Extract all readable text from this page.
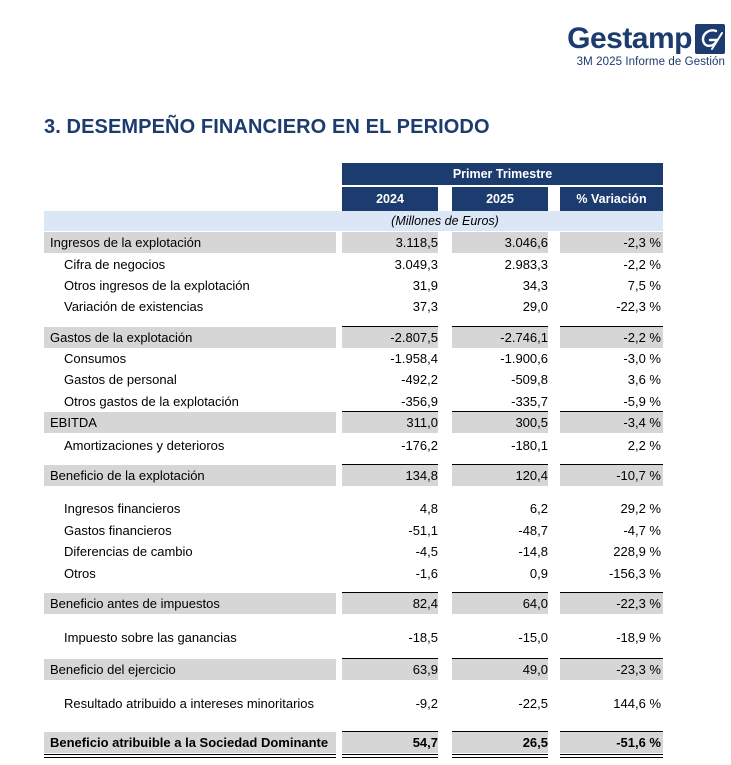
Gestamp
3M 2025 Informe de Gestión
3. DESEMPEÑO FINANCIERO EN EL PERIODO
Primer Trimestre
2024	2025	% Variación
(Millones de Euros)
Ingresos de la explotación	3.118,5	3.046,6	-2,3 %
Cifra de negocios	3.049,3	2.983,3	-2,2 %
Otros ingresos de la explotación	31,9	34,3	7,5 %
Variación de existencias	37,3	29,0	-22,3 %
Gastos de la explotación	-2.807,5	-2.746,1	-2,2 %
Consumos	-1.958,4	-1.900,6	-3,0 %
Gastos de personal	-492,2	-509,8	3,6 %
Otros gastos de la explotación	-356,9	-335,7	-5,9 %
EBITDA	311,0	300,5	-3,4 %
Amortizaciones y deterioros	-176,2	-180,1	2,2 %
Beneficio de la explotación	134,8	120,4	-10,7 %
Ingresos financieros	4,8	6,2	29,2 %
Gastos financieros	-51,1	-48,7	-4,7 %
Diferencias de cambio	-4,5	-14,8	228,9 %
Otros	-1,6	0,9	-156,3 %
Beneficio antes de impuestos	82,4	64,0	-22,3 %
Impuesto sobre las ganancias	-18,5	-15,0	-18,9 %
Beneficio del ejercicio	63,9	49,0	-23,3 %
Resultado atribuido a intereses minoritarios	-9,2	-22,5	144,6 %
Beneficio atribuible a la Sociedad Dominante	54,7	26,5	-51,6 %
